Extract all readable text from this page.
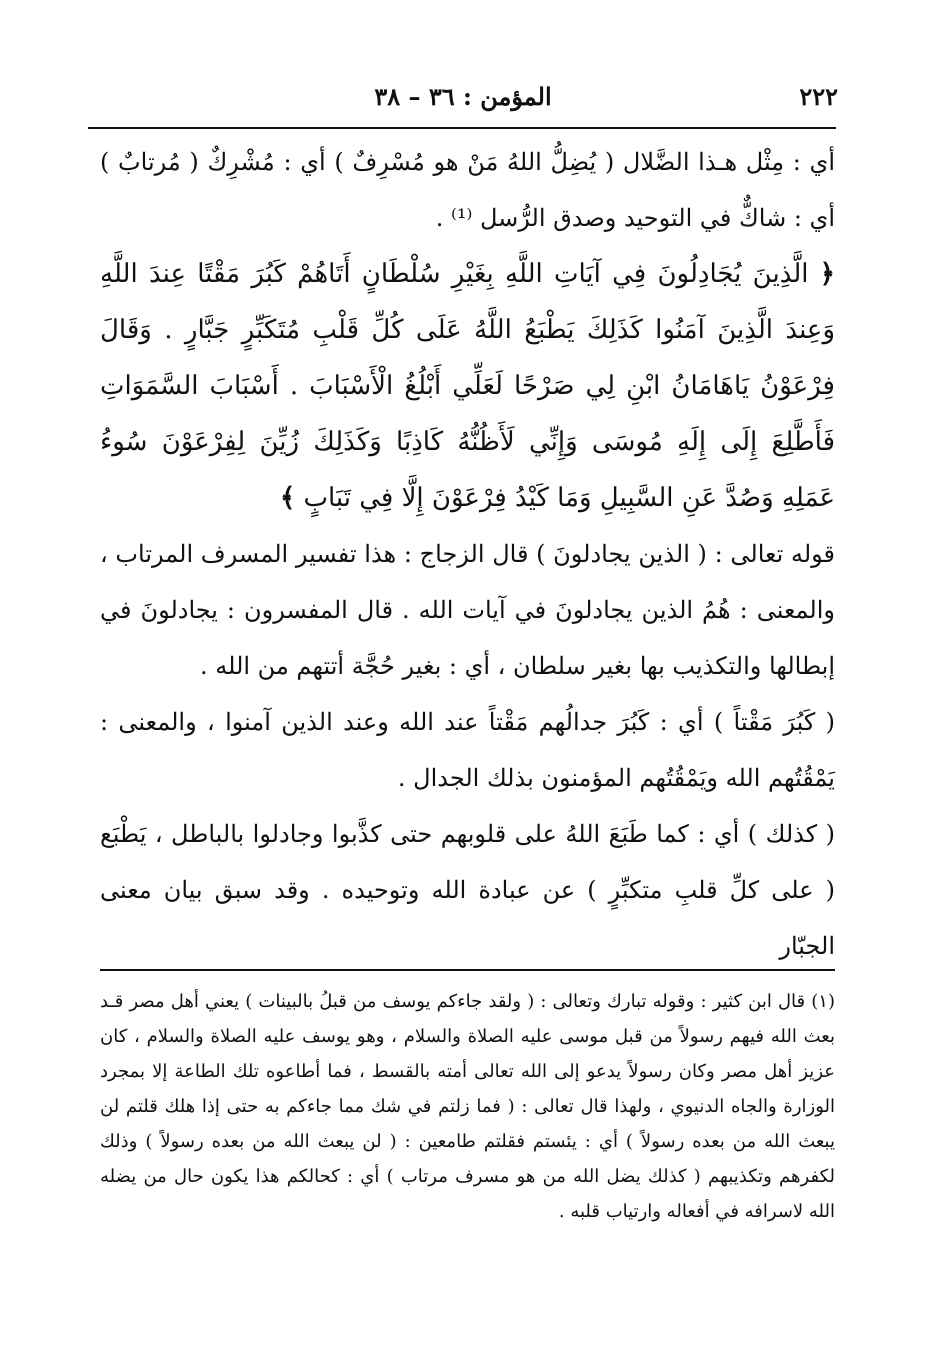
٢٢٢
المؤمن : ٣٦ – ٣٨

أي : مِثْل هـذا الضَّلال ( يُضِلُّ اللهُ مَنْ هو مُسْرِفٌ ) أي : مُشْرِكٌ ( مُرتابٌ ) أي : شاكٌّ في التوحيد وصدق الرُّسل ⁽¹⁾ .

﴿ الَّذِينَ يُجَادِلُونَ فِي آيَاتِ اللَّهِ بِغَيْرِ سُلْطَانٍ أَتَاهُمْ كَبُرَ مَقْتًا عِندَ اللَّهِ وَعِندَ الَّذِينَ آمَنُوا كَذَلِكَ يَطْبَعُ اللَّهُ عَلَى كُلِّ قَلْبِ مُتَكَبِّرٍ جَبَّارٍ . وَقَالَ فِرْعَوْنُ يَاهَامَانُ ابْنِ لِي صَرْحًا لَعَلِّي أَبْلُغُ الْأَسْبَابَ . أَسْبَابَ السَّمَوَاتِ فَأَطَّلِعَ إِلَى إِلَهِ مُوسَى وَإِنِّي لَأَظُنُّهُ كَاذِبًا وَكَذَلِكَ زُيِّنَ لِفِرْعَوْنَ سُوءُ عَمَلِهِ وَصُدَّ عَنِ السَّبِيلِ وَمَا كَيْدُ فِرْعَوْنَ إِلَّا فِي تَبَابٍ ﴾

قوله تعالى : ( الذين يجادلونَ ) قال الزجاج : هذا تفسير المسرف المرتاب ، والمعنى : هُمُ الذين يجادلونَ في آيات الله . قال المفسرون : يجادلونَ في إبطالها والتكذيب بها بغير سلطان ، أي : بغير حُجَّة أتتهم من الله .

( كَبُرَ مَقْتاً ) أي : كَبُرَ جدالُهم مَقْتاً عند الله وعند الذين آمنوا ، والمعنى : يَمْقُتُهم الله ويَمْقُتُهم المؤمنون بذلك الجدال .

( كذلك ) أي : كما طَبَعَ اللهُ على قلوبهم حتى كذَّبوا وجادلوا بالباطل ، يَطْبَع ( على كلِّ قلبِ متكبِّرٍ ) عن عبادة الله وتوحيده . وقد سبق بيان معنى الجبّار

(١) قال ابن كثير : وقوله تبارك وتعالى : ( ولقد جاءكم يوسف من قبلُ بالبينات ) يعني أهل مصر قـد بعث الله فيهم رسولاً من قبل موسى عليه الصلاة والسلام ، وهو يوسف عليه الصلاة والسلام ، كان عزيز أهل مصر وكان رسولاً يدعو إلى الله تعالى أمته بالقسط ، فما أطاعوه تلك الطاعة إلا بمجرد الوزارة والجاه الدنيوي ، ولهذا قال تعالى : ( فما زلتم في شك مما جاءكم به حتى إذا هلك قلتم لن يبعث الله من بعده رسولاً ) أي : يئستم فقلتم طامعين : ( لن يبعث الله من بعده رسولاً ) وذلك لكفرهم وتكذيبهم ( كذلك يضل الله من هو مسرف مرتاب ) أي : كحالكم هذا يكون حال من يضله الله لاسرافه في أفعاله وارتياب قلبه .
